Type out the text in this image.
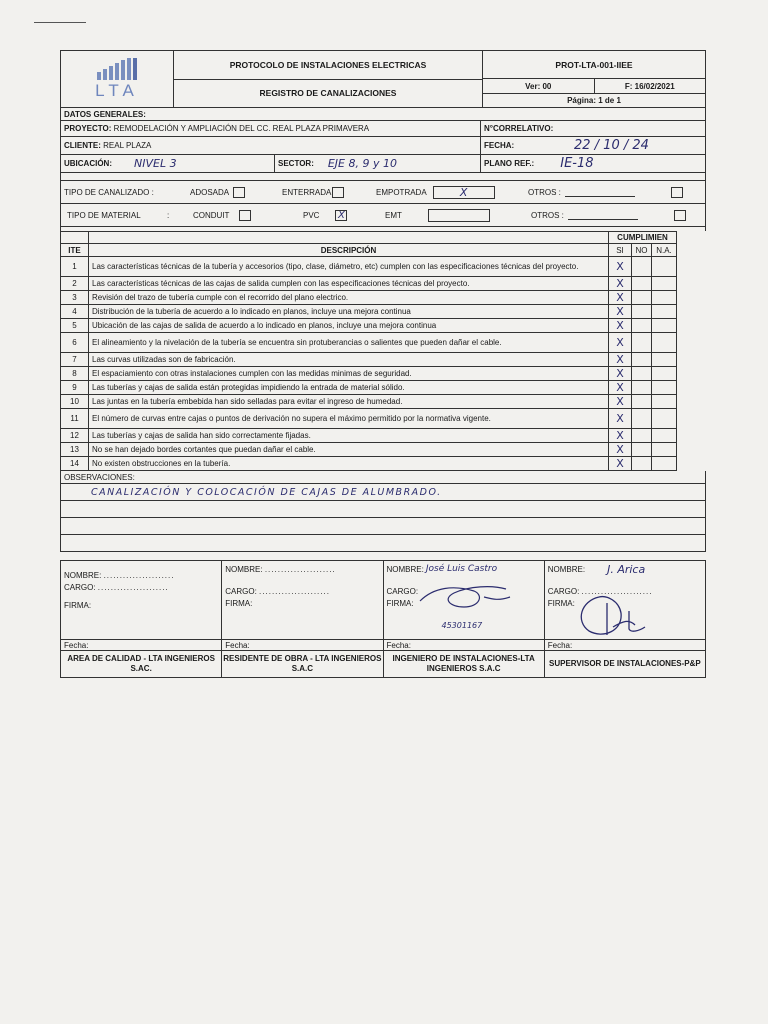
LTA
PROTOCOLO DE INSTALACIONES ELECTRICAS
REGISTRO DE CANALIZACIONES
PROT-LTA-001-IIEE
Ver: 00	F: 16/02/2021
Página: 1 de 1
DATOS GENERALES:
PROYECTO:
REMODELACIÓN Y AMPLIACIÓN DEL CC. REAL PLAZA PRIMAVERA	N°CORRELATIVO:
CLIENTE:
REAL PLAZA	FECHA:	22 / 10 / 24
UBICACIÓN: NIVEL 3	SECTOR: EJE 8, 9 y 10	PLANO REF.: IE-18
TIPO DE CANALIZADO :	ADOSADA	ENTERRADA	EMPOTRADA	X	OTROS :
TIPO DE MATERIAL	:	CONDUIT	PVC X	EMT	OTROS :
		CUMPLIMIEN			
ITE	DESCRIPCIÓN	SI	NO	N.A.	
1	Las características técnicas de la tubería y accesorios (tipo, clase, diámetro, etc) cumplen con las especificaciones técnicas del proyecto.	X			
2	Las características técnicas de las cajas de salida cumplen con las especificaciones técnicas del proyecto.	X			
3	Revisión del trazo de tubería cumple con el recorrido del plano electrico.	X			
4	Distribución de la tubería de acuerdo a lo indicado en planos, incluye una mejora continua	X			
5	Ubicación de las cajas de salida de acuerdo a lo indicado en planos, incluye una mejora continua	X			
6	El alineamiento y la nivelación de la tubería se encuentra sin protuberancias o salientes que pueden dañar el cable.	X			
7	Las curvas utilizadas son de fabricación.	X			
8	El espaciamiento con otras instalaciones cumplen con las medidas minimas de seguridad.	X			
9	Las tuberías y cajas de salida están protegidas impidiendo la entrada de material sólido.	X			
10	Las juntas en la tubería embebida han sido selladas para evitar el ingreso de humedad.	X			
11	El número de curvas entre cajas o puntos de derivación no supera el máximo permitido por la normativa vigente.	X			
12	Las tuberías y cajas de salida han sido correctamente fijadas.	X			
13	No se han dejado bordes cortantes que puedan dañar el cable.	X			
14	No existen obstrucciones en la tubería.	X			
OBSERVACIONES:
CANALIZACIÓN Y COLOCACIÓN DE CAJAS DE ALUMBRADO.
NOMBRE:
......................
CARGO:
......................
FIRMA:
Fecha:
AREA DE CALIDAD - LTA INGENIEROS S.AC.
NOMBRE:
......................
CARGO:
......................
FIRMA:
Fecha:
RESIDENTE DE OBRA - LTA INGENIEROS S.A.C
NOMBRE: José Luis Castro
CARGO:
FIRMA:
45301167
Fecha:
INGENIERO DE INSTALACIONES-LTA INGENIEROS S.A.C
NOMBRE: J. Arica
CARGO:
......................
FIRMA:
Fecha:
SUPERVISOR DE INSTALACIONES-P&P
